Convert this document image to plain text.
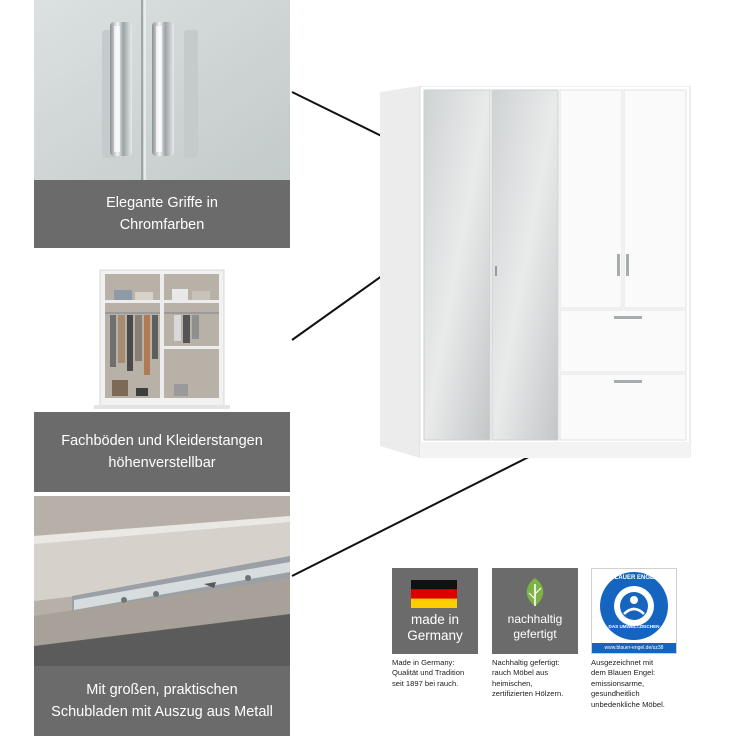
Elegante Griffe in
Chromfarben
Fachböden und Kleiderstangen
höhenverstellbar
Mit großen, praktischen
Schubladen mit Auszug aus Metall
made in
Germany
Made in Germany:
Qualität und Tradition
seit 1897 bei rauch.
nachhaltig
gefertigt
Nachhaltig gefertigt:
rauch Möbel aus
heimischen,
zertifizierten Hölzern.
BLAUER ENGEL
DAS UMWELTZEICHEN
www.blauer-engel.de/uz38
Ausgezeichnet mit
dem Blauen Engel:
emissionsarme,
gesundheitlich
unbedenkliche Möbel.
